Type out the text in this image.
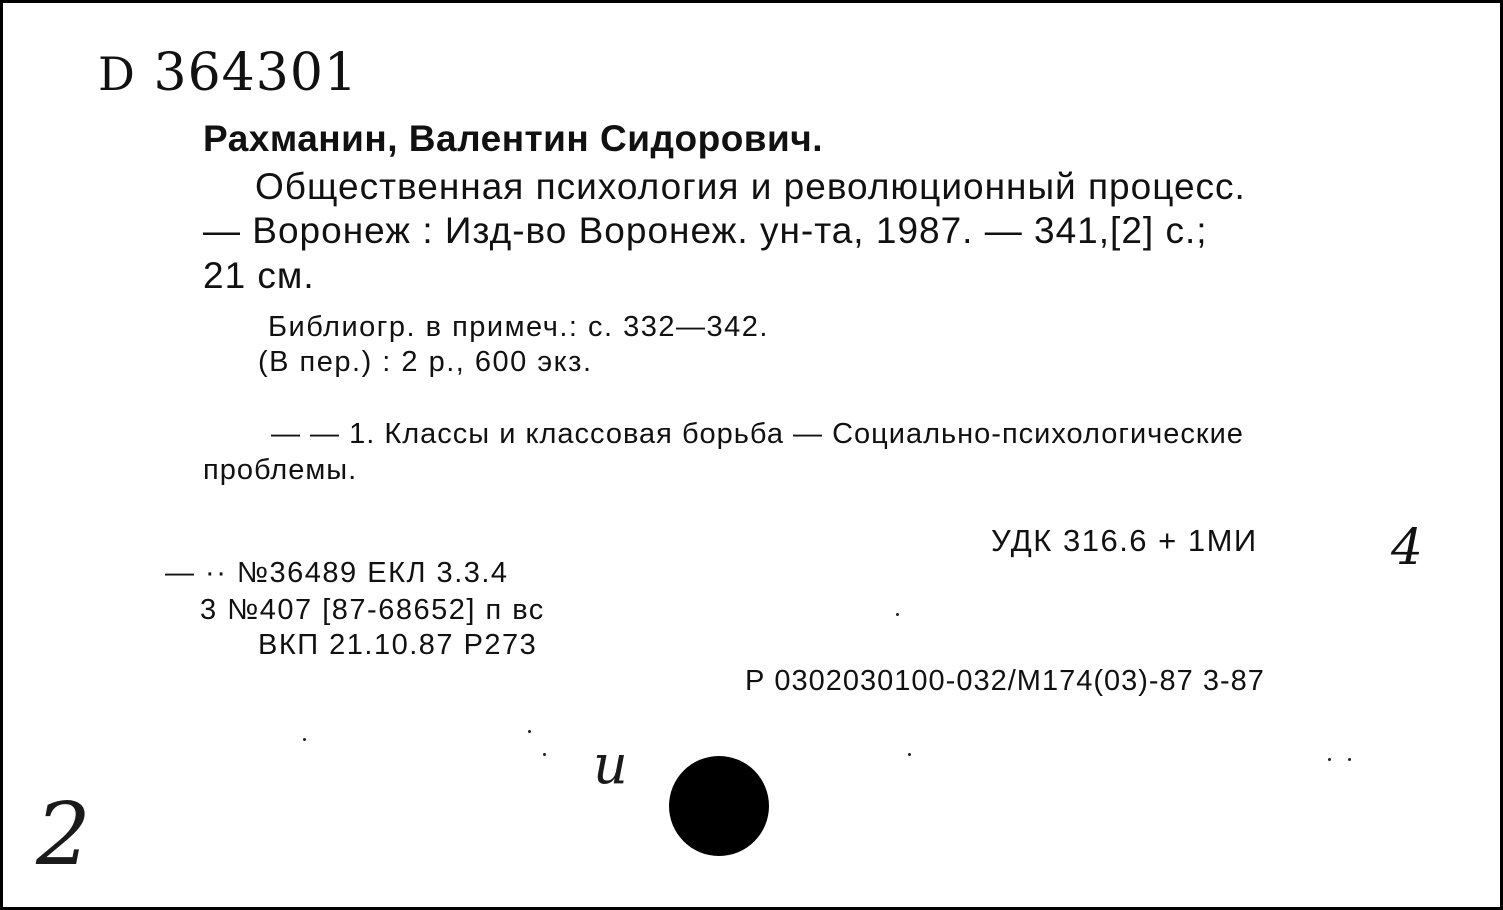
D 364301
Рахманин, Валентин Сидорович.
Общественная психология и революционный процесс.
— Воронеж : Изд-во Воронеж. ун-та, 1987. — 341,[2] с.;
21 см.
Библиогр. в примеч.: с. 332—342.
(В пер.) : 2 р., 600 экз.
— — 1. Классы и классовая борьба — Социально-психологические
проблемы.
УДК 316.6 + 1МИ	4
— ·· №36489 ЕКЛ 3.3.4
3 №407 [87-68652] п вс
ВКП 21.10.87 Р273
Р 0302030100-032/М174(03)-87 3-87
2
и
